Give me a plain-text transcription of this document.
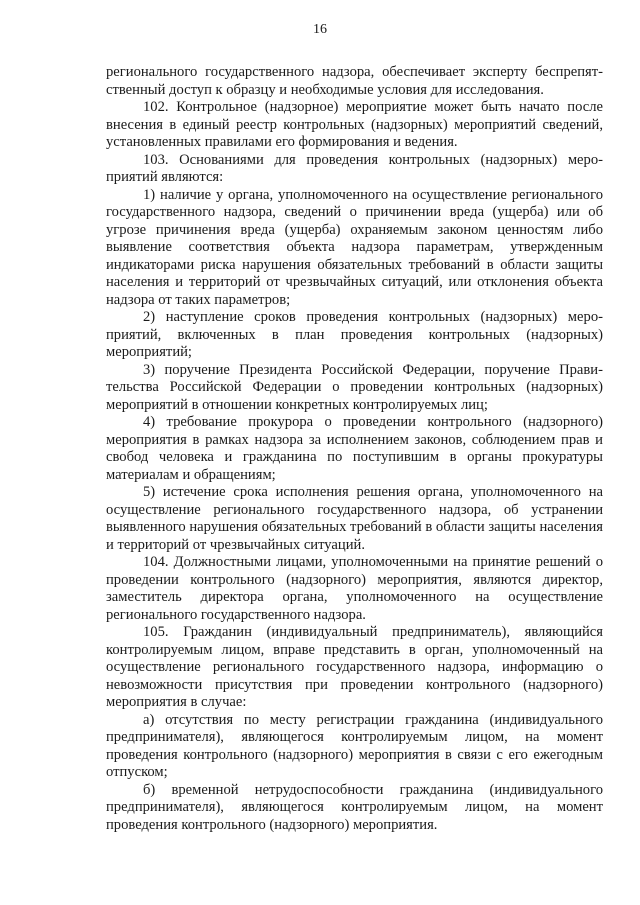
16

регионального государственного надзора, обеспечивает эксперту беспрепятственный доступ к образцу и необходимые условия для исследования.

102. Контрольное (надзорное) мероприятие может быть начато после внесения в единый реестр контрольных (надзорных) мероприятий сведений, установленных правилами его формирования и ведения.

103. Основаниями для проведения контрольных (надзорных) мероприятий являются:

1) наличие у органа, уполномоченного на осуществление регионального государственного надзора, сведений о причинении вреда (ущерба) или об угрозе причинения вреда (ущерба) охраняемым законом ценностям либо выявление соответствия объекта надзора параметрам, утвержденным индикаторами риска нарушения обязательных требований в области защиты населения и территорий от чрезвычайных ситуаций, или отклонения объекта надзора от таких параметров;

2) наступление сроков проведения контрольных (надзорных) мероприятий, включенных в план проведения контрольных (надзорных) мероприятий;

3) поручение Президента Российской Федерации, поручение Правительства Российской Федерации о проведении контрольных (надзорных) мероприятий в отношении конкретных контролируемых лиц;

4) требование прокурора о проведении контрольного (надзорного) мероприятия в рамках надзора за исполнением законов, соблюдением прав и свобод человека и гражданина по поступившим в органы прокуратуры материалам и обращениям;

5) истечение срока исполнения решения органа, уполномоченного на осуществление регионального государственного надзора, об устранении выявленного нарушения обязательных требований в области защиты населения и территорий от чрезвычайных ситуаций.

104. Должностными лицами, уполномоченными на принятие решений о проведении контрольного (надзорного) мероприятия, являются директор, заместитель директора органа, уполномоченного на осуществление регионального государственного надзора.

105. Гражданин (индивидуальный предприниматель), являющийся контролируемым лицом, вправе представить в орган, уполномоченный на осуществление регионального государственного надзора, информацию о невозможности присутствия при проведении контрольного (надзорного) мероприятия в случае:

а) отсутствия по месту регистрации гражданина (индивидуального предпринимателя), являющегося контролируемым лицом, на момент проведения контрольного (надзорного) мероприятия в связи с его ежегодным отпуском;

б) временной нетрудоспособности гражданина (индивидуального предпринимателя), являющегося контролируемым лицом, на момент проведения контрольного (надзорного) мероприятия.
